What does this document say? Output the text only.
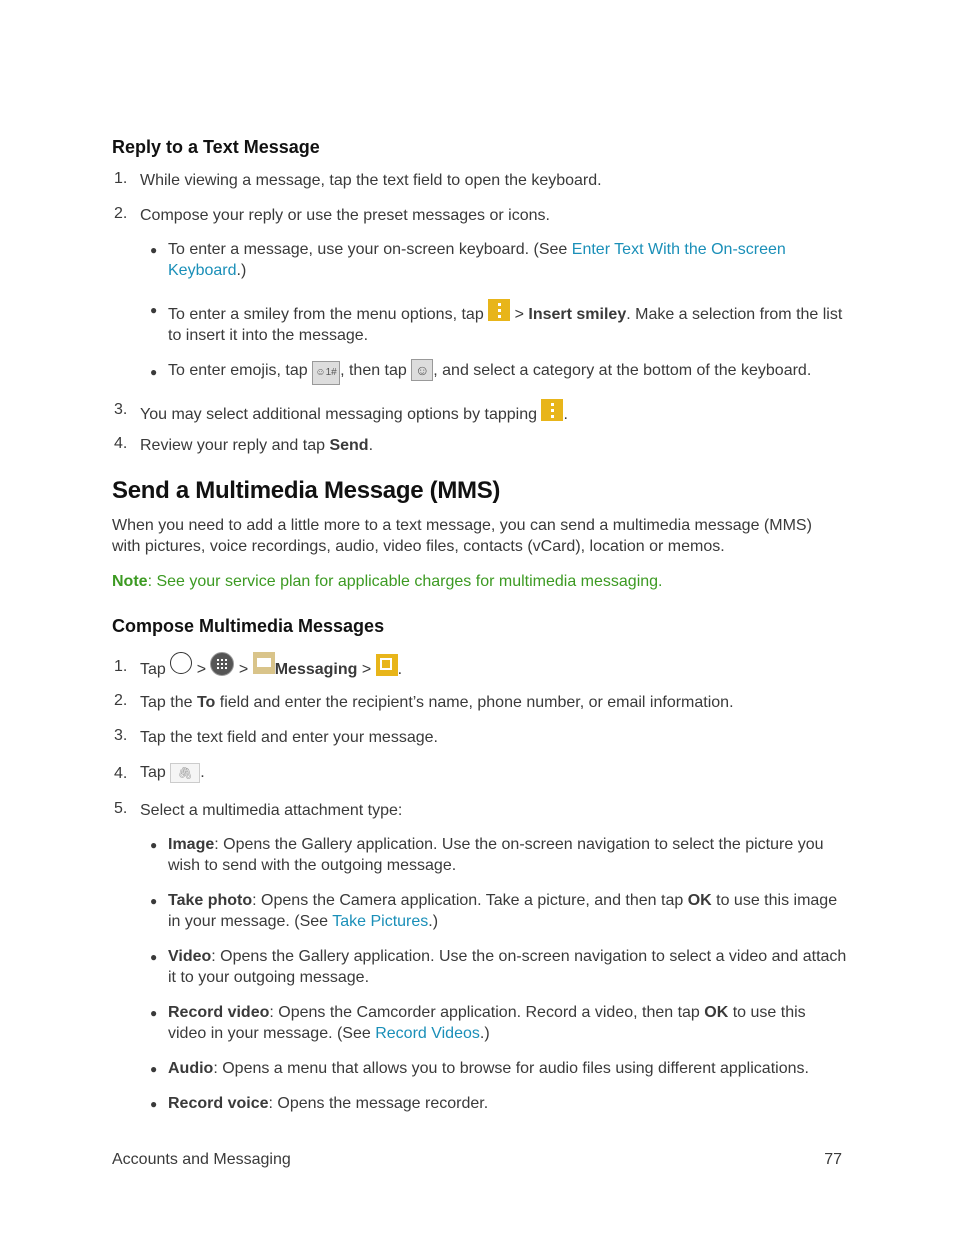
Reply to a Text Message
1. While viewing a message, tap the text field to open the keyboard.
2. Compose your reply or use the preset messages or icons.
● To enter a message, use your on-screen keyboard. (See Enter Text With the On-screen Keyboard.)
● To enter a smiley from the menu options, tap  > Insert smiley. Make a selection from the list to insert it into the message.
● To enter emojis, tap ☺1# , then tap ☺ , and select a category at the bottom of the keyboard.
3. You may select additional messaging options by tapping .
4. Review your reply and tap Send.
Send a Multimedia Message (MMS)
When you need to add a little more to a text message, you can send a multimedia message (MMS) with pictures, voice recordings, audio, video files, contacts (vCard), location or memos.
Note: See your service plan for applicable charges for multimedia messaging.
Compose Multimedia Messages
1. Tap  >  > Messaging > .
2. Tap the To field and enter the recipient’s name, phone number, or email information.
3. Tap the text field and enter your message.
4. Tap 🖇 .
5. Select a multimedia attachment type:
● Image: Opens the Gallery application. Use the on-screen navigation to select the picture you wish to send with the outgoing message.
● Take photo: Opens the Camera application. Take a picture, and then tap OK to use this image in your message. (See Take Pictures.)
● Video: Opens the Gallery application. Use the on-screen navigation to select a video and attach it to your outgoing message.
● Record video: Opens the Camcorder application. Record a video, then tap OK to use this video in your message. (See Record Videos.)
● Audio: Opens a menu that allows you to browse for audio files using different applications.
● Record voice: Opens the message recorder.
Accounts and Messaging	77
